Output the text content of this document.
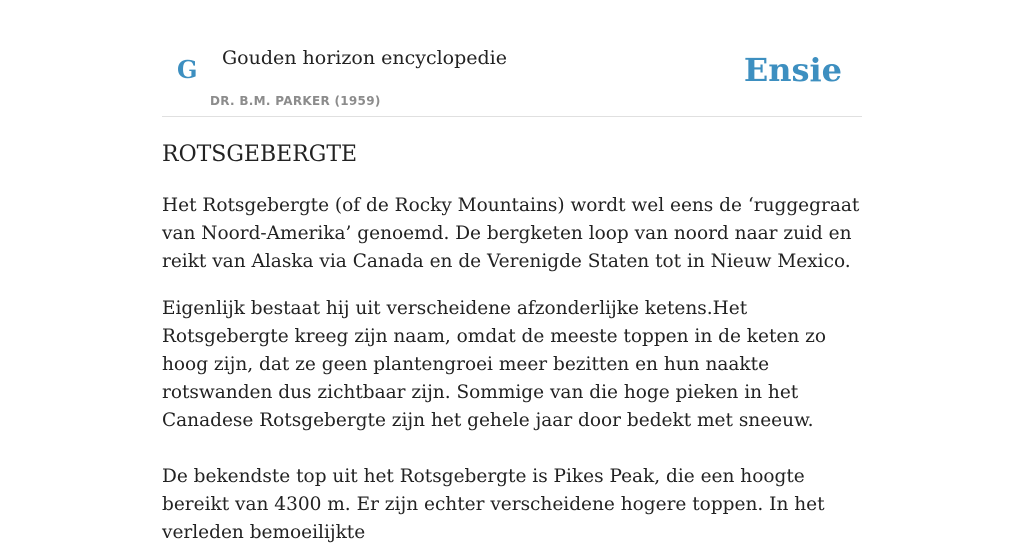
G Gouden horizon encyclopedie
DR. B.M. PARKER (1959)
Ensie
ROTSGEBERGTE

Het Rotsgebergte (of de Rocky Mountains) wordt wel eens de ‘ruggegraat van Noord-Amerika’ genoemd. De bergketen loop van noord naar zuid en reikt van Alaska via Canada en de Verenigde Staten tot in Nieuw Mexico.

Eigenlijk bestaat hij uit verscheidene afzonderlijke ketens.Het Rotsgebergte kreeg zijn naam, omdat de meeste toppen in de keten zo hoog zijn, dat ze geen plantengroei meer bezitten en hun naakte rotswanden dus zichtbaar zijn. Sommige van die hoge pieken in het Canadese Rotsgebergte zijn het gehele jaar door bedekt met sneeuw.

De bekendste top uit het Rotsgebergte is Pikes Peak, die een hoogte bereikt van 4300 m. Er zijn echter verscheidene hogere toppen. In het verleden bemoeilijkte
